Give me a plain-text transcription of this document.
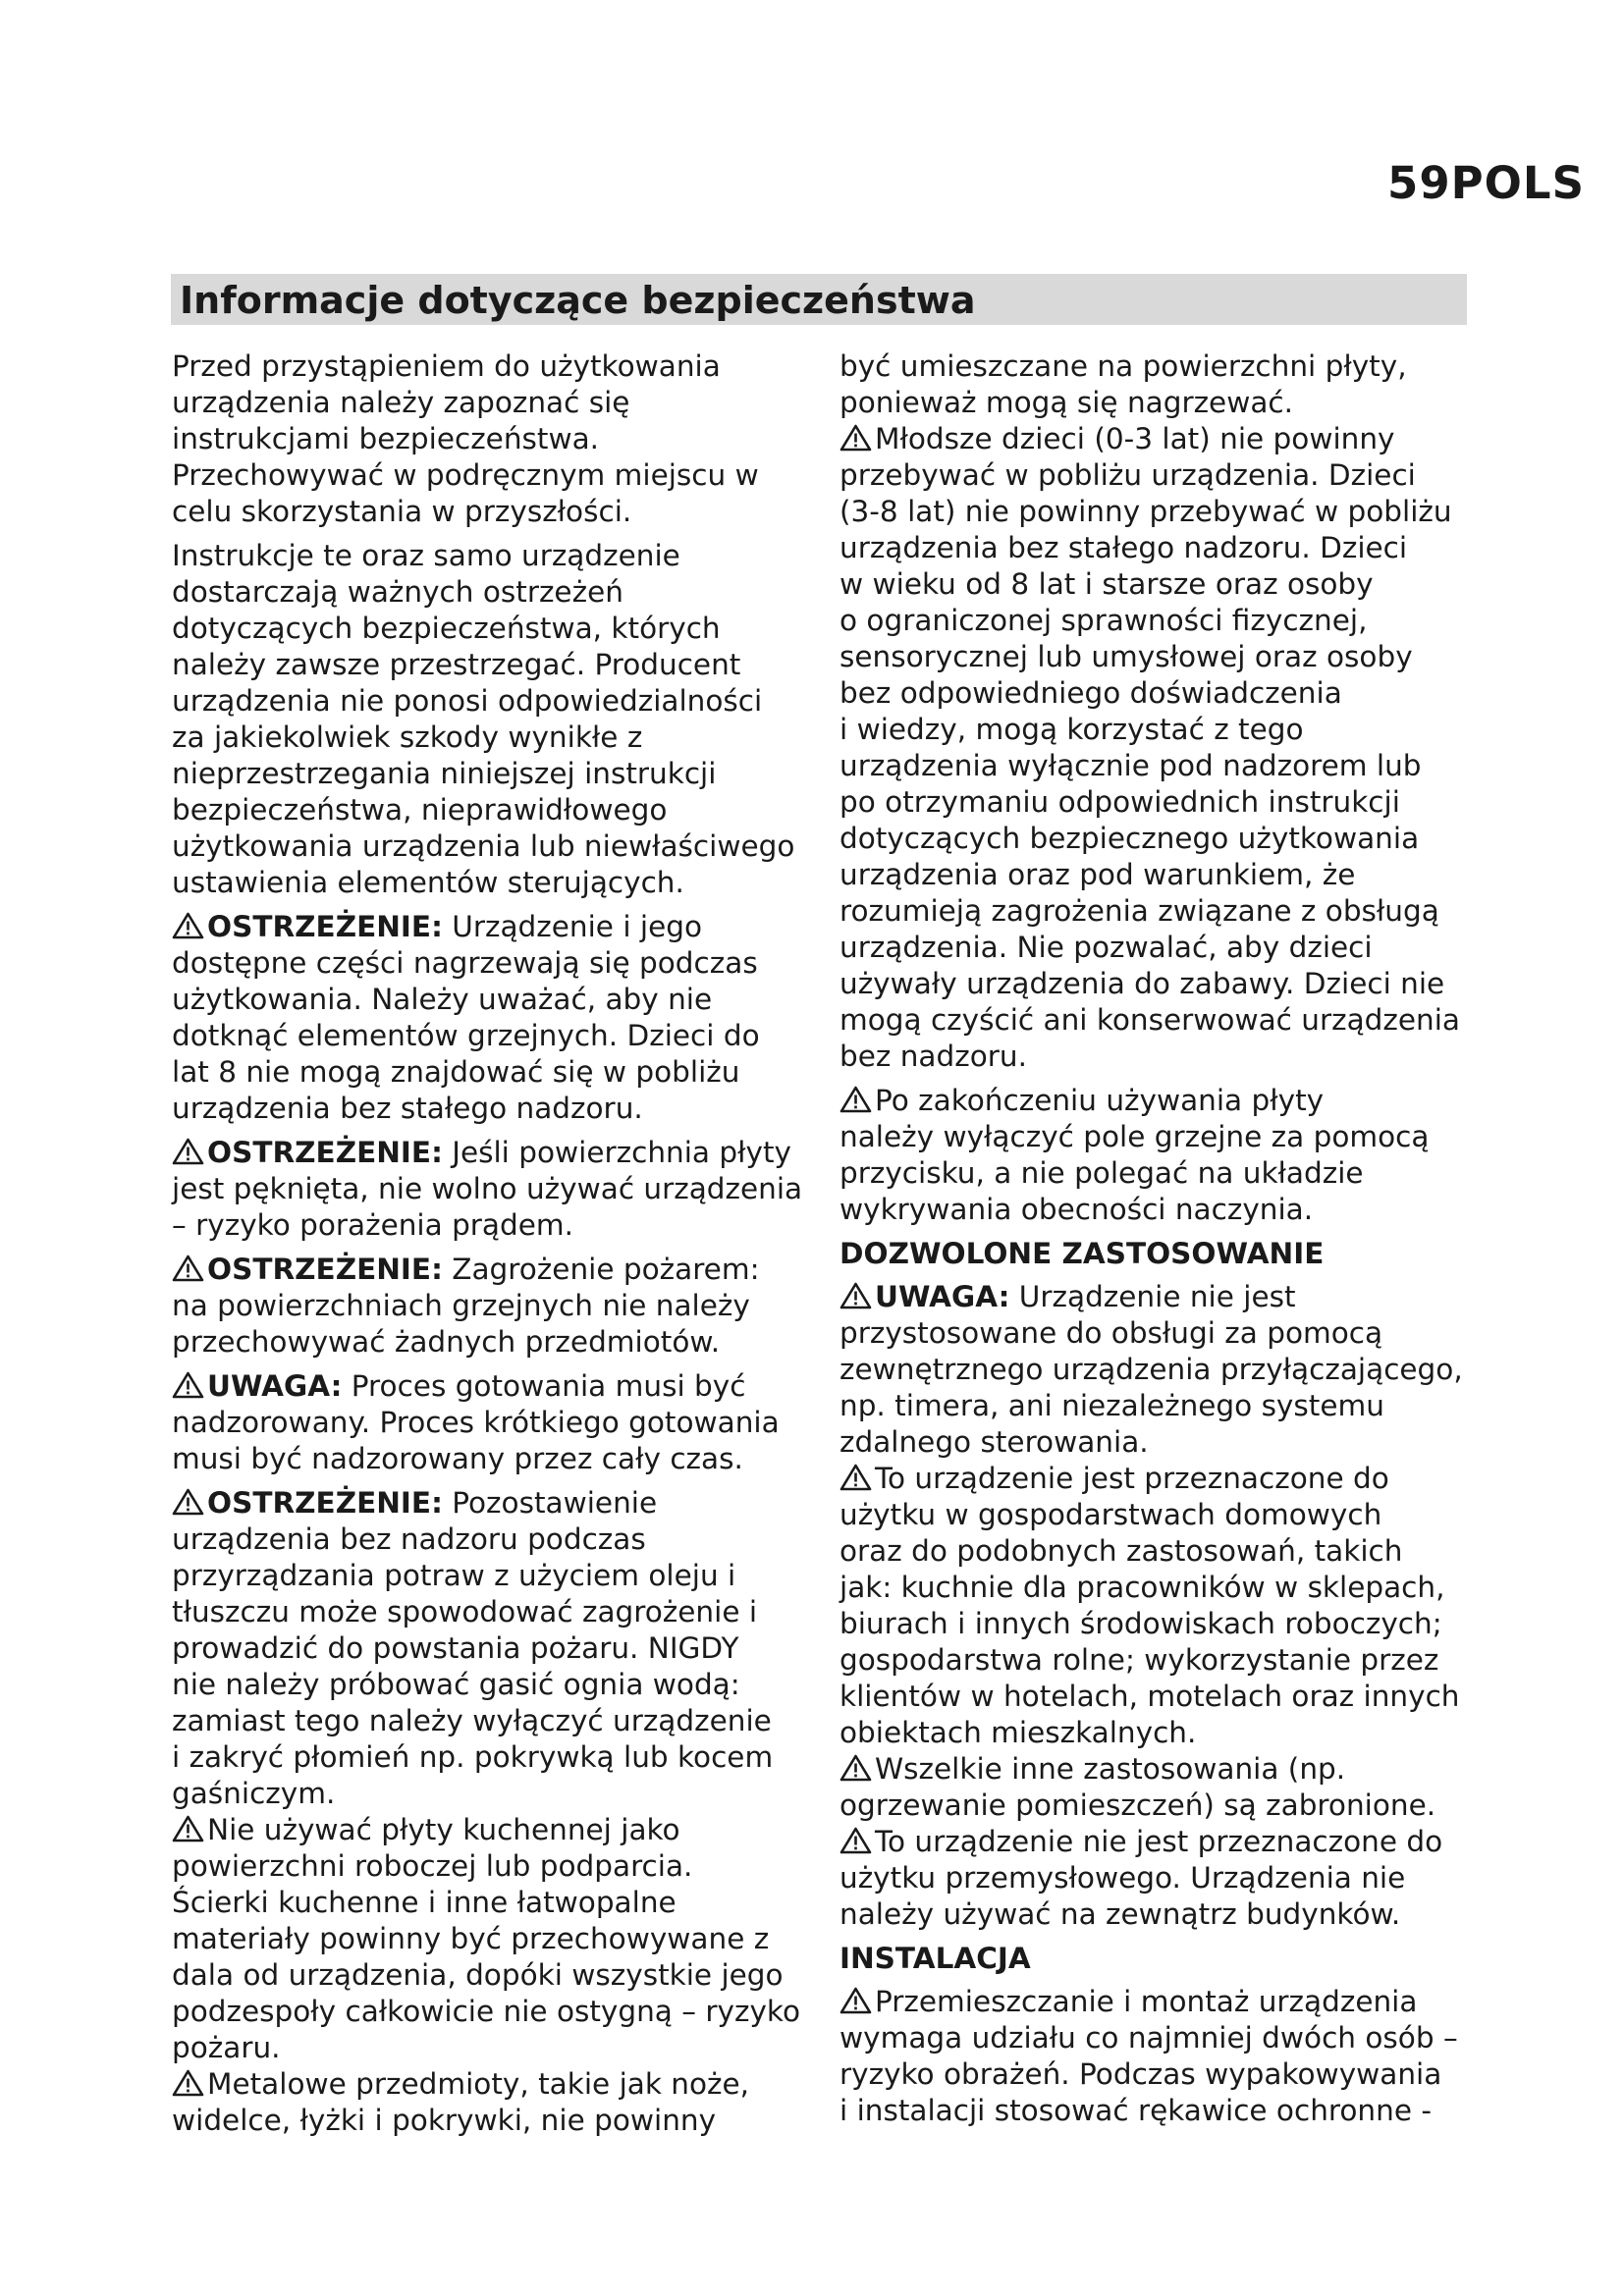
59POLS
Informacje dotyczące bezpieczeństwa
Przed przystąpieniem do użytkowania
urządzenia należy zapoznać się
instrukcjami bezpieczeństwa.
Przechowywać w podręcznym miejscu w
celu skorzystania w przyszłości.
Instrukcje te oraz samo urządzenie
dostarczają ważnych ostrzeżeń
dotyczących bezpieczeństwa, których
należy zawsze przestrzegać. Producent
urządzenia nie ponosi odpowiedzialności
za jakiekolwiek szkody wynikłe z
nieprzestrzegania niniejszej instrukcji
bezpieczeństwa, nieprawidłowego
użytkowania urządzenia lub niewłaściwego
ustawienia elementów sterujących.
OSTRZEŻENIE: Urządzenie i jego
dostępne części nagrzewają się podczas
użytkowania. Należy uważać, aby nie
dotknąć elementów grzejnych. Dzieci do
lat 8 nie mogą znajdować się w pobliżu
urządzenia bez stałego nadzoru.
OSTRZEŻENIE: Jeśli powierzchnia płyty
jest pęknięta, nie wolno używać urządzenia
– ryzyko porażenia prądem.
OSTRZEŻENIE: Zagrożenie pożarem:
na powierzchniach grzejnych nie należy
przechowywać żadnych przedmiotów.
UWAGA: Proces gotowania musi być
nadzorowany. Proces krótkiego gotowania
musi być nadzorowany przez cały czas.
OSTRZEŻENIE: Pozostawienie
urządzenia bez nadzoru podczas
przyrządzania potraw z użyciem oleju i
tłuszczu może spowodować zagrożenie i
prowadzić do powstania pożaru. NIGDY
nie należy próbować gasić ognia wodą:
zamiast tego należy wyłączyć urządzenie
i zakryć płomień np. pokrywką lub kocem
gaśniczym.
Nie używać płyty kuchennej jako
powierzchni roboczej lub podparcia.
Ścierki kuchenne i inne łatwopalne
materiały powinny być przechowywane z
dala od urządzenia, dopóki wszystkie jego
podzespoły całkowicie nie ostygną – ryzyko
pożaru.
Metalowe przedmioty, takie jak noże,
widelce, łyżki i pokrywki, nie powinny
być umieszczane na powierzchni płyty,
ponieważ mogą się nagrzewać.
Młodsze dzieci (0-3 lat) nie powinny
przebywać w pobliżu urządzenia. Dzieci
(3-8 lat) nie powinny przebywać w pobliżu
urządzenia bez stałego nadzoru. Dzieci
w wieku od 8 lat i starsze oraz osoby
o ograniczonej sprawności fizycznej,
sensorycznej lub umysłowej oraz osoby
bez odpowiedniego doświadczenia
i wiedzy, mogą korzystać z tego
urządzenia wyłącznie pod nadzorem lub
po otrzymaniu odpowiednich instrukcji
dotyczących bezpiecznego użytkowania
urządzenia oraz pod warunkiem, że
rozumieją zagrożenia związane z obsługą
urządzenia. Nie pozwalać, aby dzieci
używały urządzenia do zabawy. Dzieci nie
mogą czyścić ani konserwować urządzenia
bez nadzoru.
Po zakończeniu używania płyty
należy wyłączyć pole grzejne za pomocą
przycisku, a nie polegać na układzie
wykrywania obecności naczynia.
DOZWOLONE ZASTOSOWANIE
UWAGA: Urządzenie nie jest
przystosowane do obsługi za pomocą
zewnętrznego urządzenia przyłączającego,
np. timera, ani niezależnego systemu
zdalnego sterowania.
To urządzenie jest przeznaczone do
użytku w gospodarstwach domowych
oraz do podobnych zastosowań, takich
jak: kuchnie dla pracowników w sklepach,
biurach i innych środowiskach roboczych;
gospodarstwa rolne; wykorzystanie przez
klientów w hotelach, motelach oraz innych
obiektach mieszkalnych.
Wszelkie inne zastosowania (np.
ogrzewanie pomieszczeń) są zabronione.
To urządzenie nie jest przeznaczone do
użytku przemysłowego. Urządzenia nie
należy używać na zewnątrz budynków.
INSTALACJA
Przemieszczanie i montaż urządzenia
wymaga udziału co najmniej dwóch osób –
ryzyko obrażeń. Podczas wypakowywania
i instalacji stosować rękawice ochronne -
